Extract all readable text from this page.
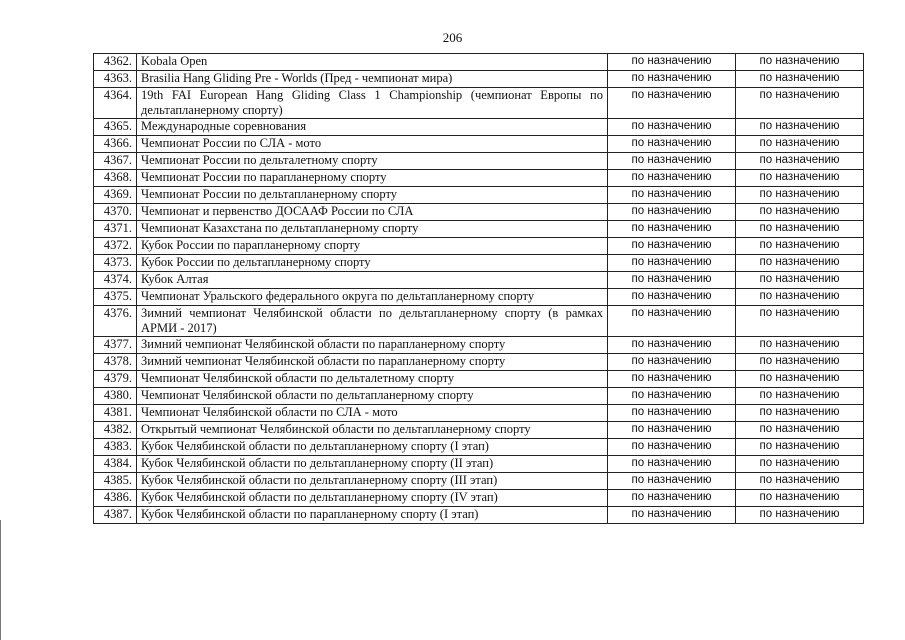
206
4362.	Kobala Open	по назначению	по назначению
4363.	Brasilia Hang Gliding Pre - Worlds (Пред - чемпионат мира)	по назначению	по назначению
4364.	19th FAI European Hang Gliding Class 1 Championship (чемпионат Европы по дельтапланерному спорту)	по назначению	по назначению
4365.	Международные соревнования	по назначению	по назначению
4366.	Чемпионат России по СЛА - мото	по назначению	по назначению
4367.	Чемпионат России по дельталетному спорту	по назначению	по назначению
4368.	Чемпионат России по парапланерному спорту	по назначению	по назначению
4369.	Чемпионат России по дельтапланерному спорту	по назначению	по назначению
4370.	Чемпионат и первенство ДОСААФ России по СЛА	по назначению	по назначению
4371.	Чемпионат Казахстана по дельтапланерному спорту	по назначению	по назначению
4372.	Кубок России по парапланерному спорту	по назначению	по назначению
4373.	Кубок России по дельтапланерному спорту	по назначению	по назначению
4374.	Кубок Алтая	по назначению	по назначению
4375.	Чемпионат Уральского федерального округа по дельтапланерному спорту	по назначению	по назначению
4376.	Зимний чемпионат Челябинской области по дельтапланерному спорту (в рамках АРМИ - 2017)	по назначению	по назначению
4377.	Зимний чемпионат Челябинской области по парапланерному спорту	по назначению	по назначению
4378.	Зимний чемпионат Челябинской области по парапланерному спорту	по назначению	по назначению
4379.	Чемпионат Челябинской области по дельталетному спорту	по назначению	по назначению
4380.	Чемпионат Челябинской области по дельтапланерному спорту	по назначению	по назначению
4381.	Чемпионат Челябинской области по СЛА - мото	по назначению	по назначению
4382.	Открытый чемпионат Челябинской области по дельтапланерному спорту	по назначению	по назначению
4383.	Кубок Челябинской области по дельтапланерному спорту (I этап)	по назначению	по назначению
4384.	Кубок Челябинской области по дельтапланерному спорту (II этап)	по назначению	по назначению
4385.	Кубок Челябинской области по дельтапланерному спорту (III этап)	по назначению	по назначению
4386.	Кубок Челябинской области по дельтапланерному спорту (IV этап)	по назначению	по назначению
4387.	Кубок Челябинской области по парапланерному спорту (I этап)	по назначению	по назначению
